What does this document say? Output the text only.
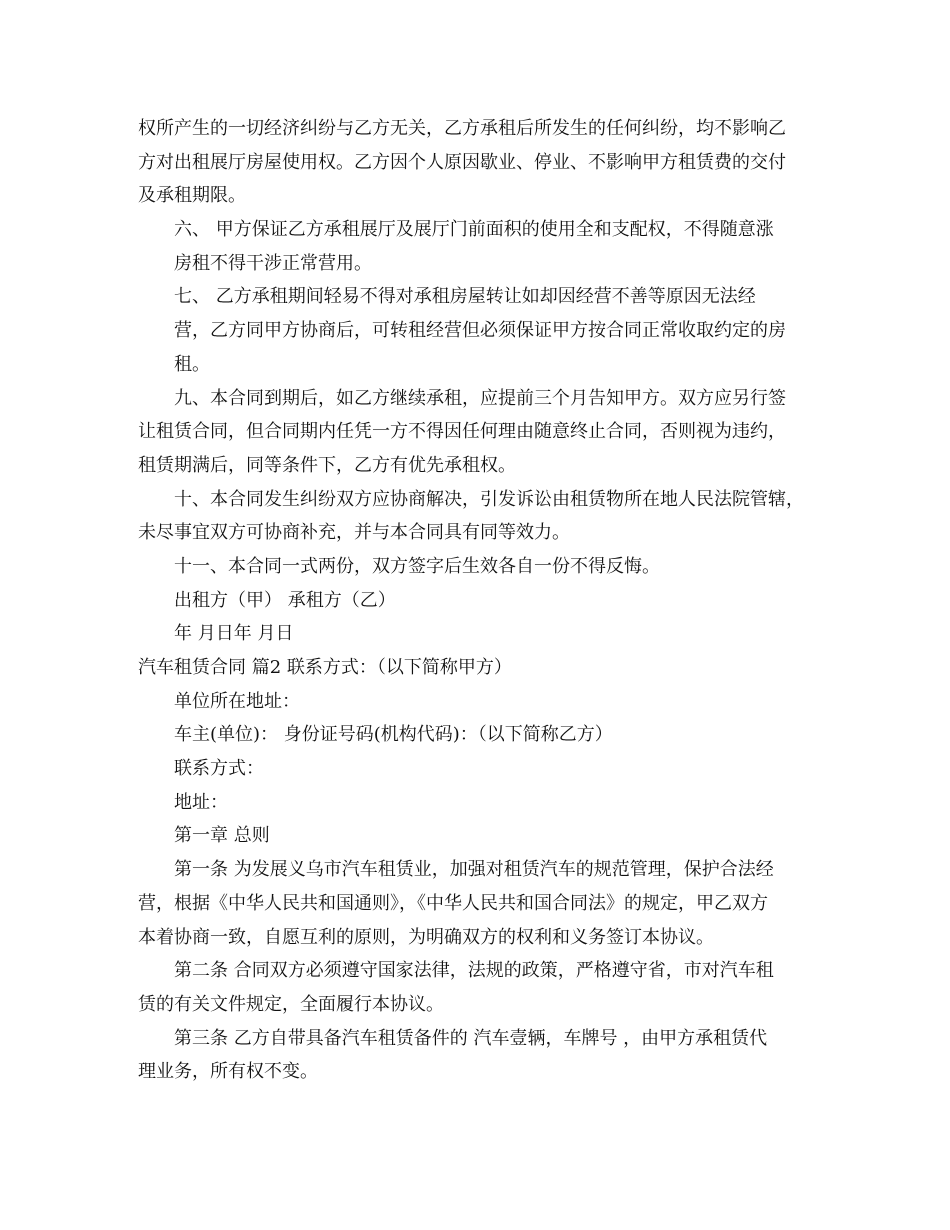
权所产生的一切经济纠纷与乙方无关，乙方承租后所发生的任何纠纷，均不影响乙
方对出租展厅房屋使用权。乙方因个人原因歇业、停业、不影响甲方租赁费的交付
及承租期限。
六、 甲方保证乙方承租展厅及展厅门前面积的使用全和支配权，不得随意涨
房租不得干涉正常营用。
七、 乙方承租期间轻易不得对承租房屋转让如却因经营不善等原因无法经
营，乙方同甲方协商后，可转租经营但必须保证甲方按合同正常收取约定的房
租。
九、本合同到期后，如乙方继续承租，应提前三个月告知甲方。双方应另行签
让租赁合同，但合同期内任凭一方不得因任何理由随意终止合同，否则视为违约，
租赁期满后，同等条件下，乙方有优先承租权。
十、本合同发生纠纷双方应协商解决，引发诉讼由租赁物所在地人民法院管辖，
未尽事宜双方可协商补充，并与本合同具有同等效力。
十一、本合同一式两份，双方签字后生效各自一份不得反悔。
出租方（甲） 承租方（乙）
年 月日年 月日
汽车租赁合同 篇2 联系方式：（以下简称甲方）
单位所在地址：
车主(单位)： 身份证号码(机构代码)：（以下简称乙方）
联系方式：
地址：
第一章 总则
第一条 为发展义乌市汽车租赁业，加强对租赁汽车的规范管理，保护合法经
营，根据《中华人民共和国通则》，《中华人民共和国合同法》的规定，甲乙双方
本着协商一致，自愿互利的原则，为明确双方的权利和义务签订本协议。
第二条 合同双方必须遵守国家法律，法规的政策，严格遵守省，市对汽车租
赁的有关文件规定，全面履行本协议。
第三条 乙方自带具备汽车租赁备件的 汽车壹辆，车牌号 ，由甲方承租赁代
理业务，所有权不变。
